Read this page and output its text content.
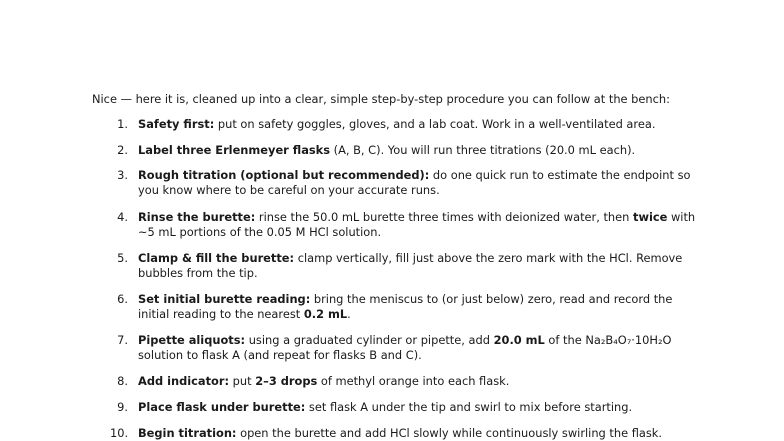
Nice — here it is, cleaned up into a clear, simple step-by-step procedure you can follow at the bench:

1. Safety first: put on safety goggles, gloves, and a lab coat. Work in a well-ventilated area.
2. Label three Erlenmeyer flasks (A, B, C). You will run three titrations (20.0 mL each).
3. Rough titration (optional but recommended): do one quick run to estimate the endpoint so you know where to be careful on your accurate runs.
4. Rinse the burette: rinse the 50.0 mL burette three times with deionized water, then twice with ~5 mL portions of the 0.05 M HCl solution.
5. Clamp & fill the burette: clamp vertically, fill just above the zero mark with the HCl. Remove bubbles from the tip.
6. Set initial burette reading: bring the meniscus to (or just below) zero, read and record the initial reading to the nearest 0.2 mL.
7. Pipette aliquots: using a graduated cylinder or pipette, add 20.0 mL of the Na₂B₄O₇·10H₂O solution to flask A (and repeat for flasks B and C).
8. Add indicator: put 2–3 drops of methyl orange into each flask.
9. Place flask under burette: set flask A under the tip and swirl to mix before starting.
10. Begin titration: open the burette and add HCl slowly while continuously swirling the flask.
